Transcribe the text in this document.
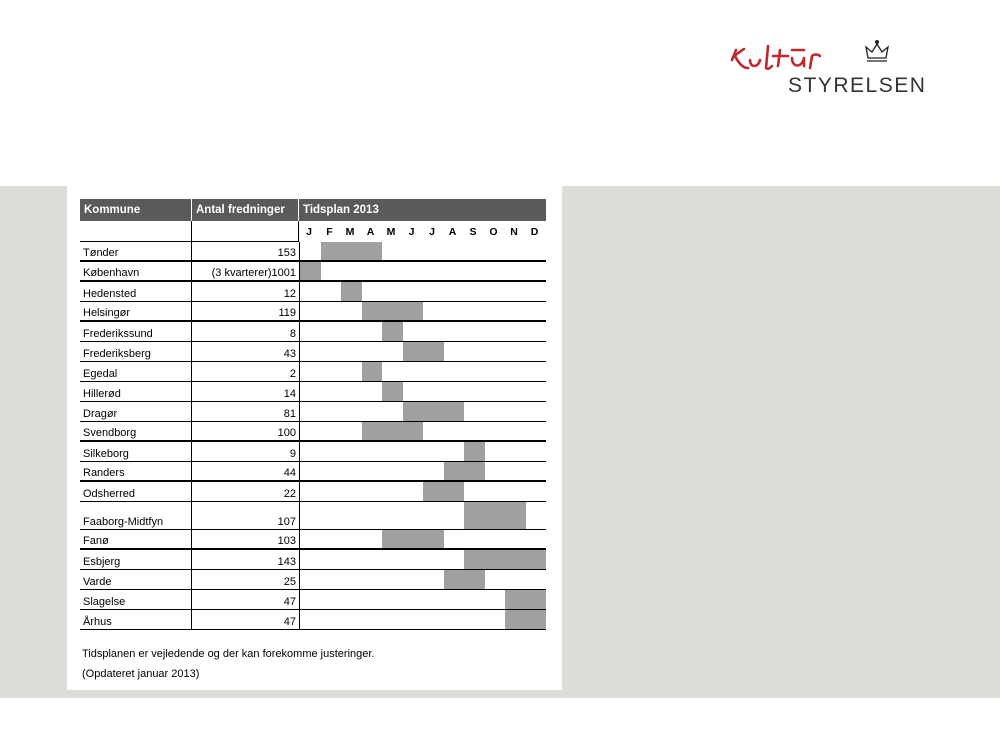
STYRELSEN
Kommune	Antal fredninger	Tidsplan 2013
J	F	M	A	M	J	J	A	S	O	N	D
Tønder	153
København	(3 kvarterer)1001
Hedensted	12
Helsingør	119
Frederikssund	8
Frederiksberg	43
Egedal	2
Hillerød	14
Dragør	81
Svendborg	100
Silkeborg	9
Randers	44
Odsherred	22
Faaborg-Midtfyn	107
Fanø	103
Esbjerg	143
Varde	25
Slagelse	47
Århus	47
Tidsplanen er vejledende og der kan forekomme justeringer.
(Opdateret januar 2013)
